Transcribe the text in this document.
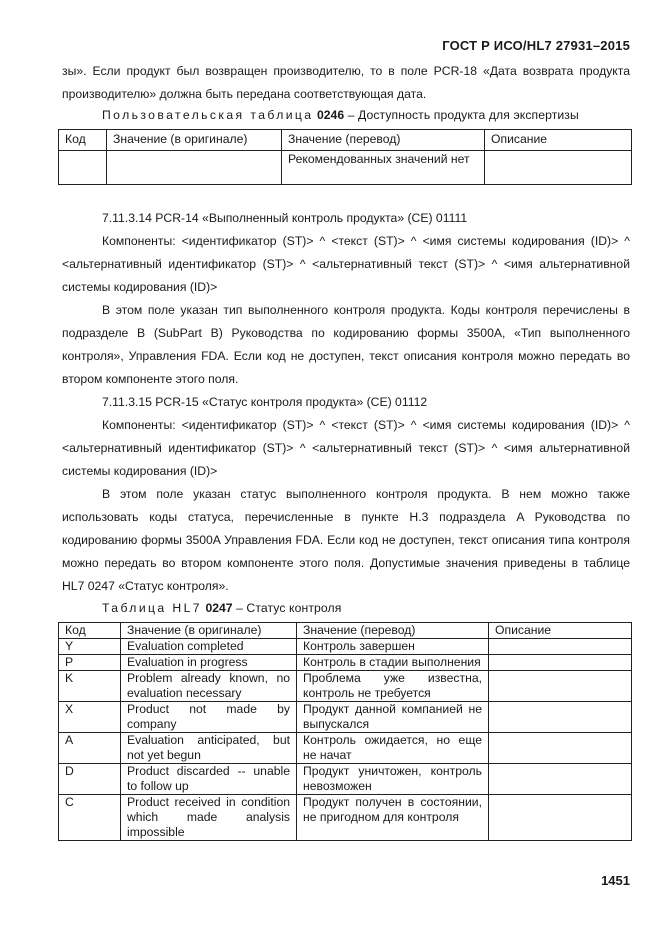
ГОСТ Р ИСО/HL7 27931–2015

зы». Если продукт был возвращен производителю, то в поле PCR-18 «Дата возврата продукта производителю» должна быть передана соответствующая дата.

Пользовательская таблица 0246 – Доступность продукта для экспертизы
Код	Значение (в оригинале)	Значение (перевод)	Описание
		Рекомендованных значений нет	

7.11.3.14 PCR-14 «Выполненный контроль продукта» (CE) 01111

Компоненты: <идентификатор (ST)> ^ <текст (ST)> ^ <имя системы кодирования (ID)> ^ <альтернативный идентификатор (ST)> ^ <альтернативный текст (ST)> ^ <имя альтернативной системы кодирования (ID)>

В этом поле указан тип выполненного контроля продукта. Коды контроля перечислены в подразделе B (SubPart B) Руководства по кодированию формы 3500A, «Тип выполненного контроля», Управления FDA. Если код не доступен, текст описания контроля можно передать во втором компоненте этого поля.

7.11.3.15 PCR-15 «Статус контроля продукта» (CE) 01112

Компоненты: <идентификатор (ST)> ^ <текст (ST)> ^ <имя системы кодирования (ID)> ^ <альтернативный идентификатор (ST)> ^ <альтернативный текст (ST)> ^ <имя альтернативной системы кодирования (ID)>

В этом поле указан статус выполненного контроля продукта. В нем можно также использовать коды статуса, перечисленные в пункте H.3 подраздела A Руководства по кодированию формы 3500A Управления FDA. Если код не доступен, текст описания типа контроля можно передать во втором компоненте этого поля. Допустимые значения приведены в таблице HL7 0247 «Статус контроля».

Таблица HL7 0247 – Статус контроля
Код	Значение (в оригинале)	Значение (перевод)	Описание
Y	Evaluation completed	Контроль завершен	
P	Evaluation in progress	Контроль в стадии выполнения	
K	Problem already known, no evaluation necessary	Проблема уже известна, контроль не требуется	
X	Product not made by company	Продукт данной компанией не выпускался	
A	Evaluation anticipated, but not yet begun	Контроль ожидается, но еще не начат	
D	Product discarded -- unable to follow up	Продукт уничтожен, контроль невозможен	
C	Product received in condition which made analysis impossible	Продукт получен в состоянии, не пригодном для контроля	
1451
